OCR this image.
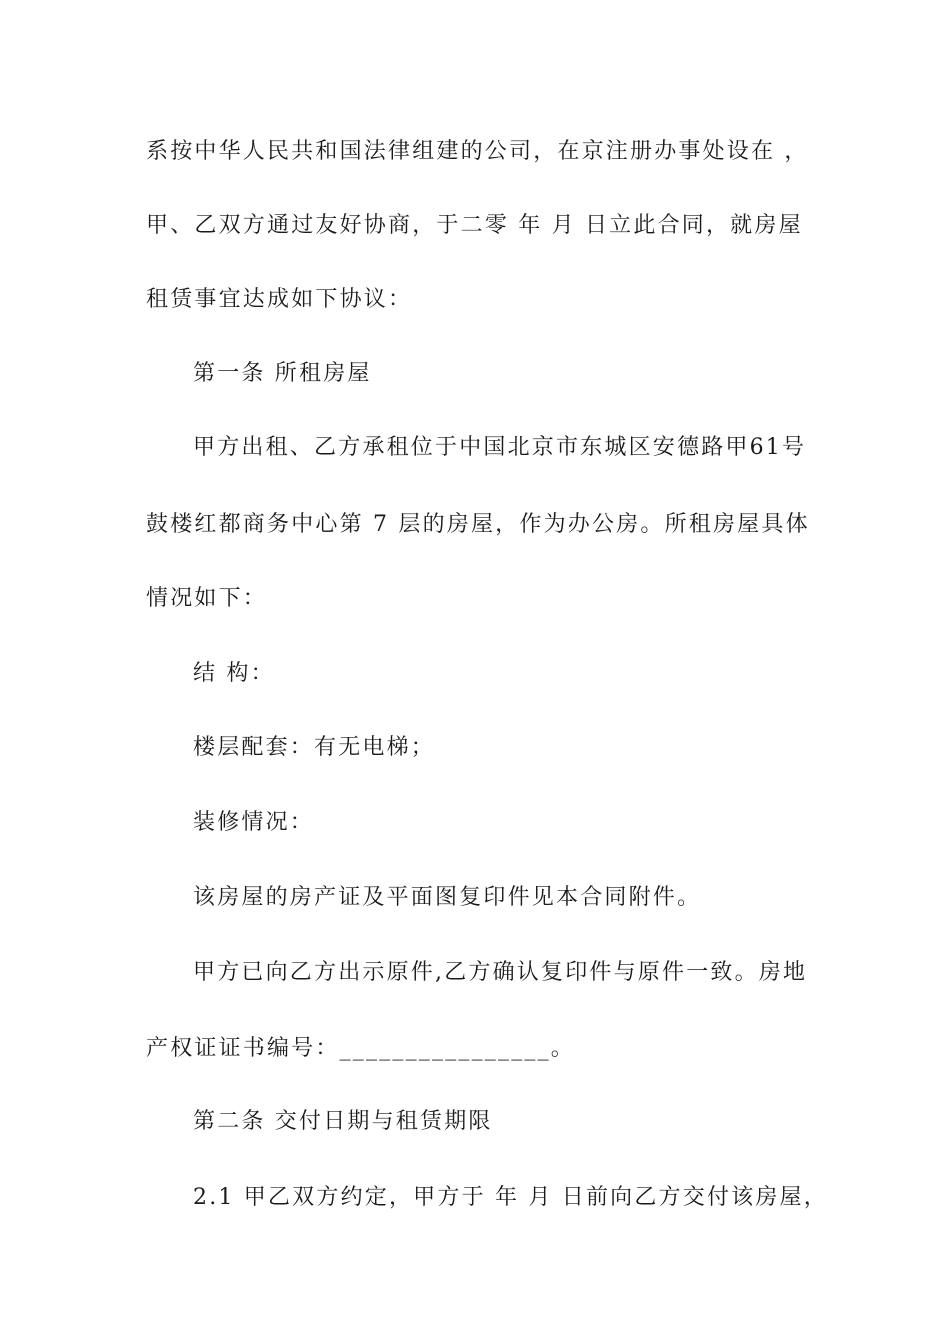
系按中华人民共和国法律组建的公司，在京注册办事处设在 ，
甲、乙双方通过友好协商，于二零 年 月 日立此合同，就房屋
租赁事宜达成如下协议：
第一条 所租房屋
甲方出租、乙方承租位于中国北京市东城区安德路甲61号
鼓楼红都商务中心第 7 层的房屋，作为办公房。所租房屋具体
情况如下：
结 构：
楼层配套：有无电梯；
装修情况：
该房屋的房产证及平面图复印件见本合同附件。
甲方已向乙方出示原件,乙方确认复印件与原件一致。房地
产权证证书编号：________________。
第二条 交付日期与租赁期限
2.1 甲乙双方约定，甲方于 年 月 日前向乙方交付该房屋，
